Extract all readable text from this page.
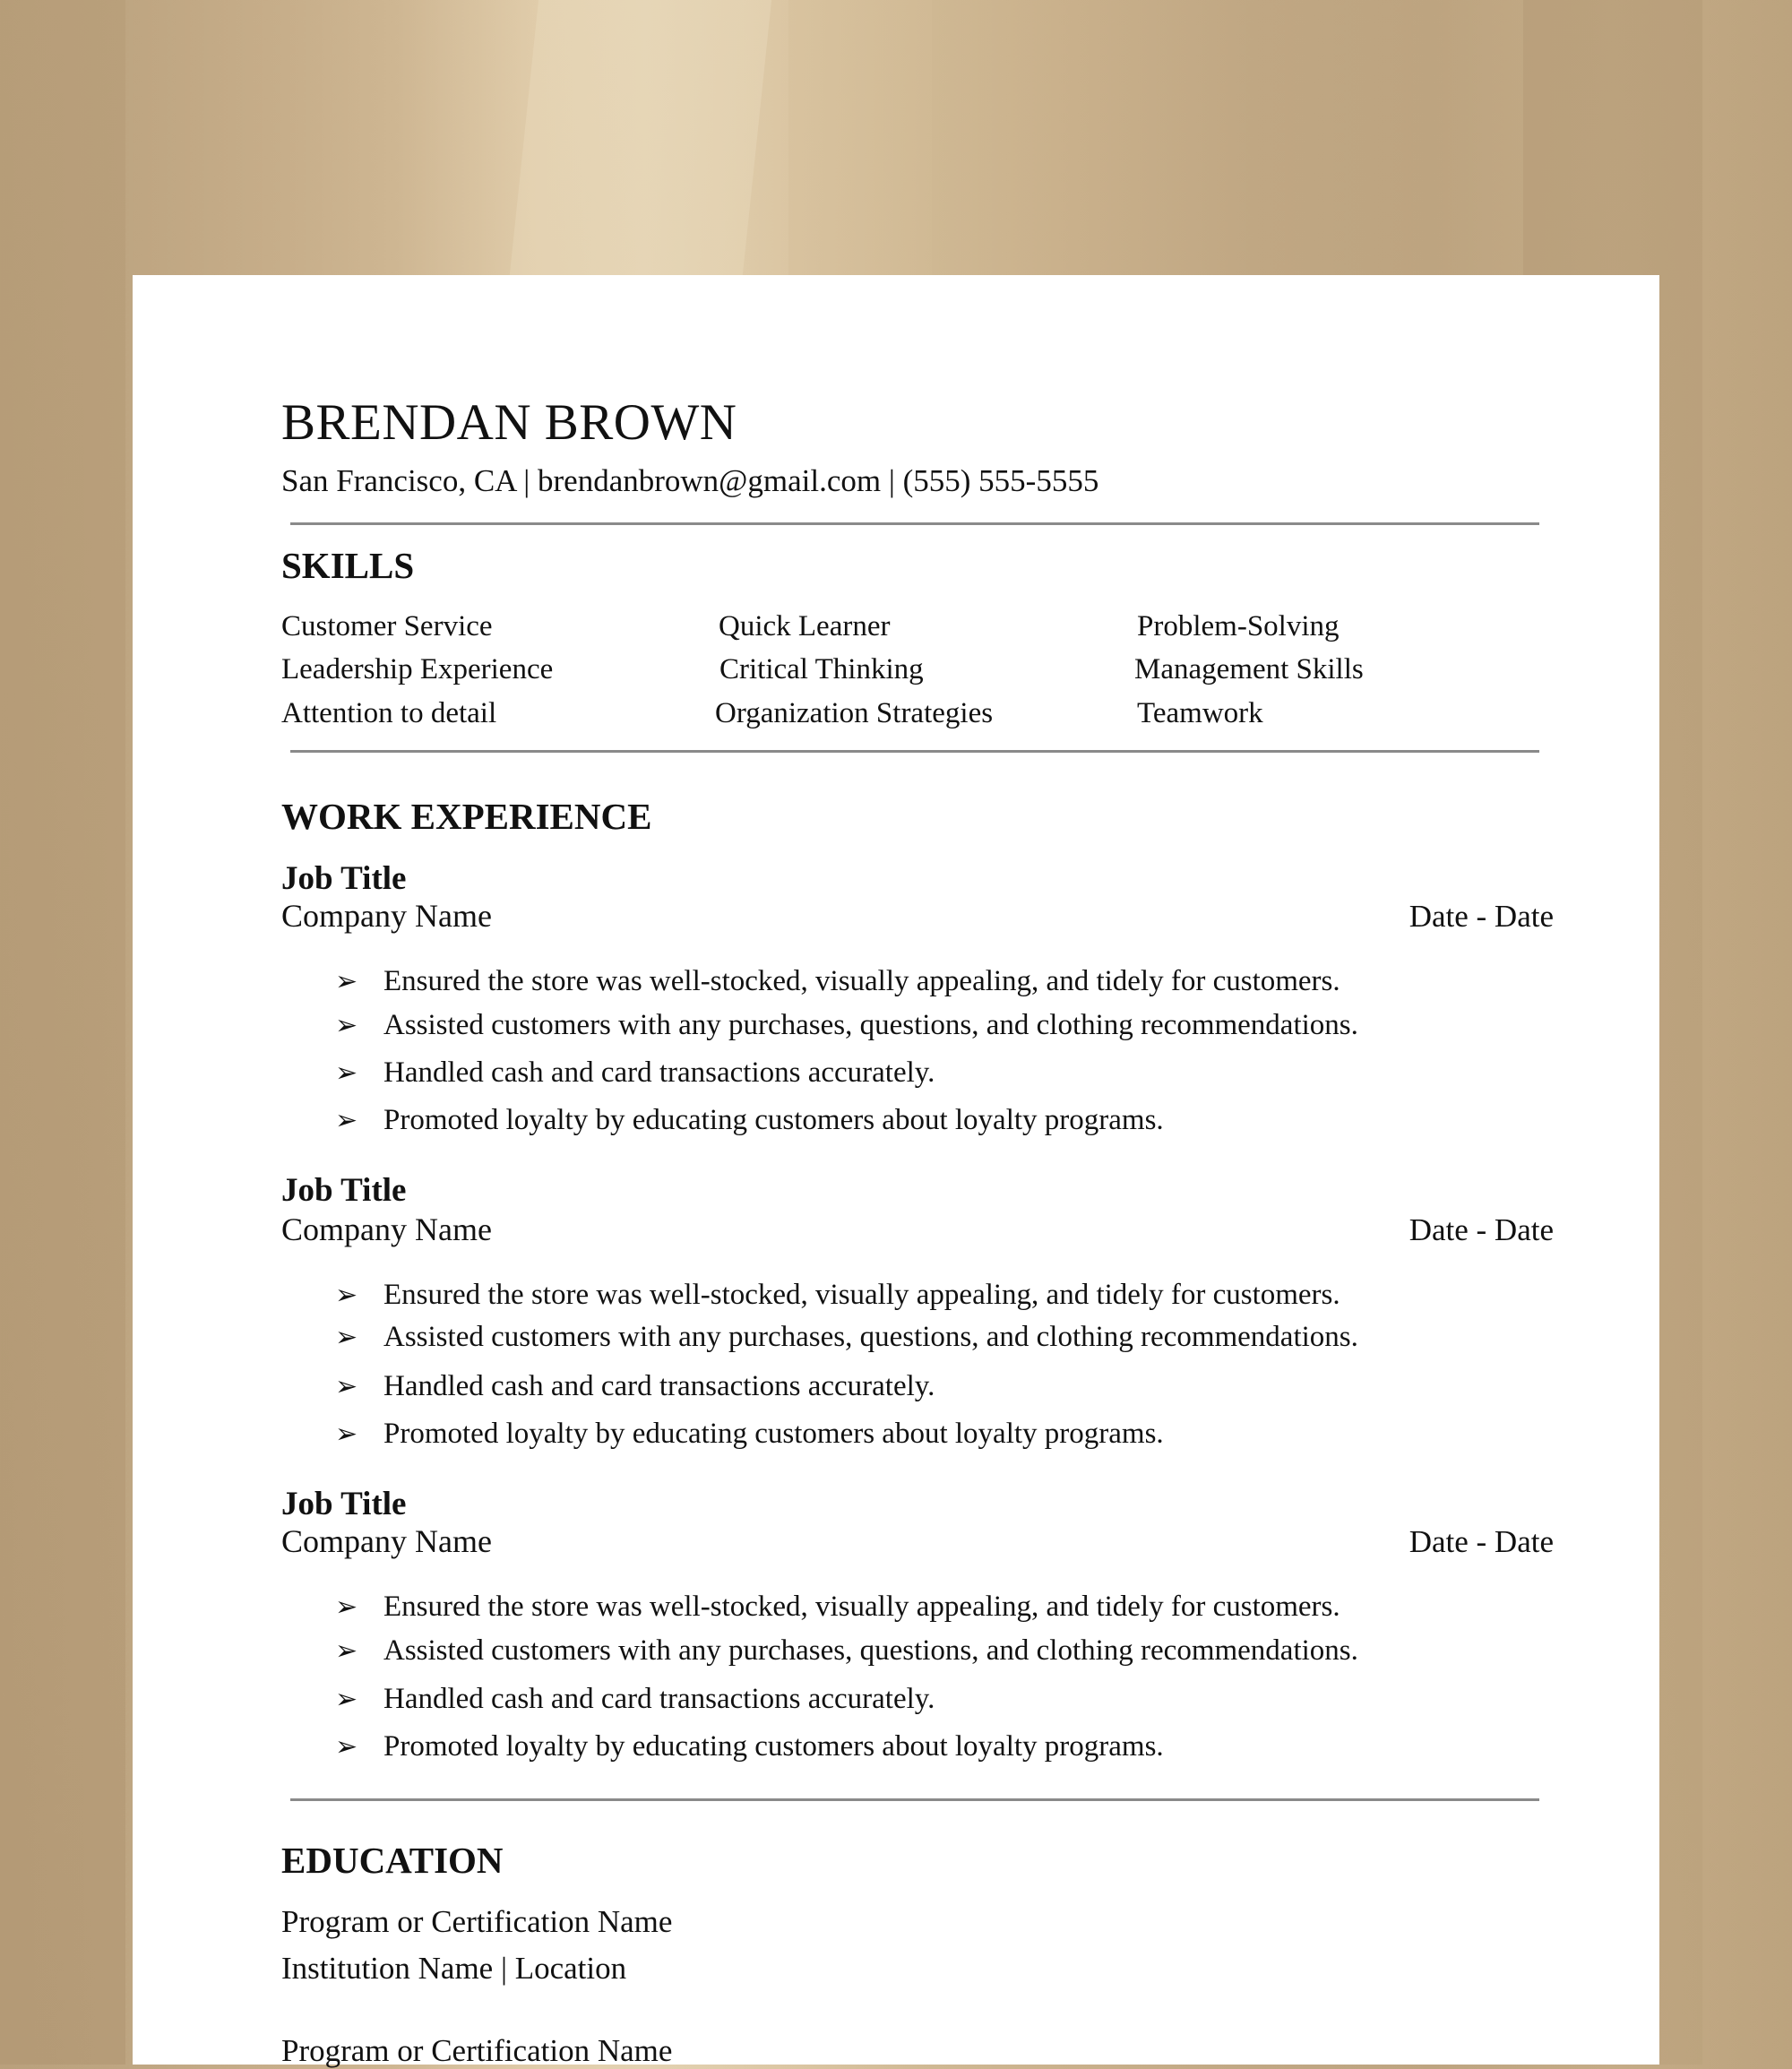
BRENDAN BROWN
San Francisco, CA | brendanbrown@gmail.com | (555) 555-5555
SKILLS
Customer Service	Quick Learner	Problem-Solving
Leadership Experience	Critical Thinking	Management Skills
Attention to detail	Organization Strategies	Teamwork
WORK EXPERIENCE
Job Title
Company Name	Date - Date
➢ Ensured the store was well-stocked, visually appealing, and tidely for customers.
➢ Assisted customers with any purchases, questions, and clothing recommendations.
➢ Handled cash and card transactions accurately.
➢ Promoted loyalty by educating customers about loyalty programs.
Job Title
Company Name	Date - Date
➢ Ensured the store was well-stocked, visually appealing, and tidely for customers.
➢ Assisted customers with any purchases, questions, and clothing recommendations.
➢ Handled cash and card transactions accurately.
➢ Promoted loyalty by educating customers about loyalty programs.
Job Title
Company Name	Date - Date
➢ Ensured the store was well-stocked, visually appealing, and tidely for customers.
➢ Assisted customers with any purchases, questions, and clothing recommendations.
➢ Handled cash and card transactions accurately.
➢ Promoted loyalty by educating customers about loyalty programs.
EDUCATION
Program or Certification Name
Institution Name | Location
Program or Certification Name
